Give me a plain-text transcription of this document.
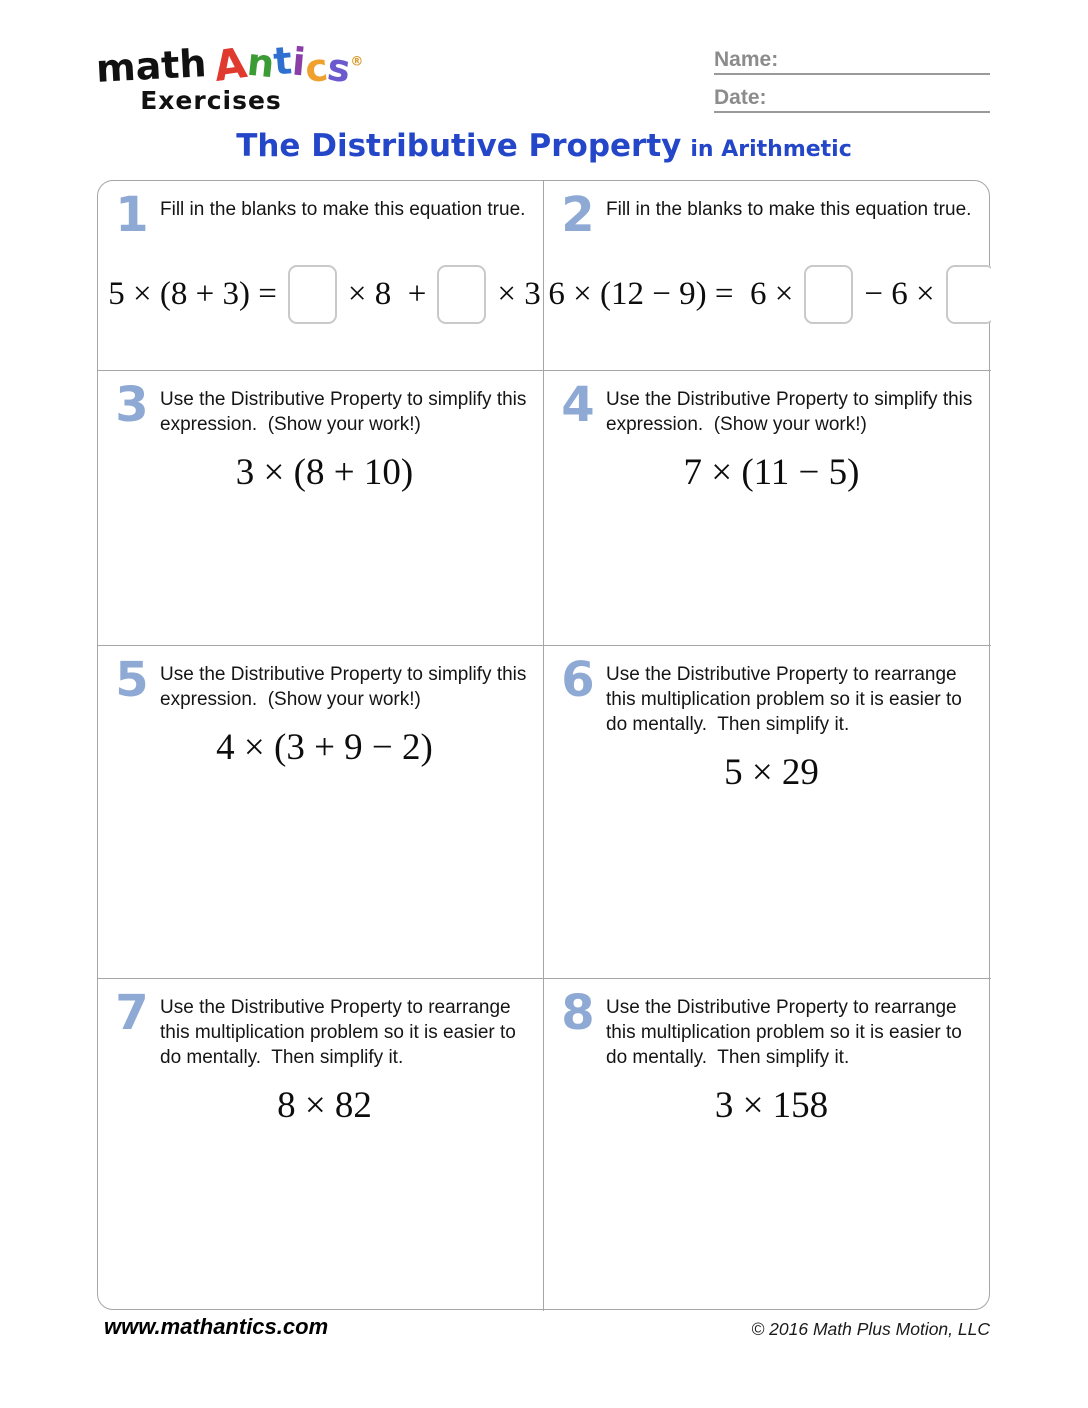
mathAntics®
Exercises
Name:
Date:
The Distributive Property in Arithmetic
1 Fill in the blanks to make this equation true.
5 × (8 + 3) = × 8  + × 3
2 Fill in the blanks to make this equation true.
6 × (12 − 9) =  6 × − 6 ×
3 Use the Distributive Property to simplify this expression.  (Show your work!)
3 × (8 + 10)
4 Use the Distributive Property to simplify this expression.  (Show your work!)
7 × (11 − 5)
5 Use the Distributive Property to simplify this expression.  (Show your work!)
4 × (3 + 9 − 2)
6 Use the Distributive Property to rearrange this multiplication problem so it is easier to do mentally.  Then simplify it.
5 × 29
7 Use the Distributive Property to rearrange this multiplication problem so it is easier to do mentally.  Then simplify it.
8 × 82
8 Use the Distributive Property to rearrange this multiplication problem so it is easier to do mentally.  Then simplify it.
3 × 158
www.mathantics.com	© 2016 Math Plus Motion, LLC
